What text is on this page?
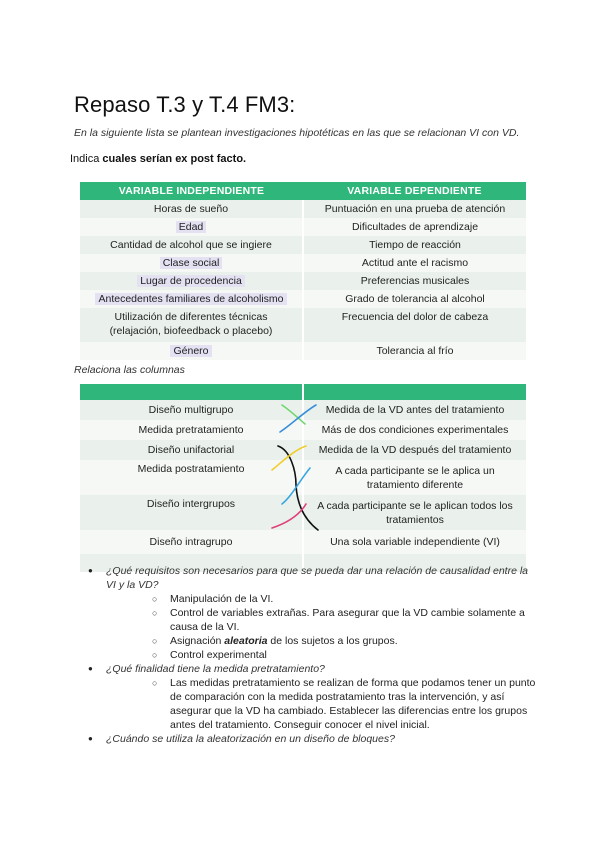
Repaso T.3 y T.4 FM3:
En la siguiente lista se plantean investigaciones hipotéticas en las que se relacionan VI con VD.
Indica cuales serían ex post facto.
VARIABLE INDEPENDIENTE	VARIABLE DEPENDIENTE
Horas de sueño	Puntuación en una prueba de atención
Edad	Dificultades de aprendizaje
Cantidad de alcohol que se ingiere	Tiempo de reacción
Clase social	Actitud ante el racismo
Lugar de procedencia	Preferencias musicales
Antecedentes familiares de alcoholismo	Grado de tolerancia al alcohol
Utilización de diferentes técnicas
(relajación, biofeedback o placebo)	Frecuencia del dolor de cabeza
Género	Tolerancia al frío
Relaciona las columnas

Diseño multigrupo	Medida de la VD antes del tratamiento
Medida pretratamiento	Más de dos condiciones experimentales
Diseño unifactorial	Medida de la VD después del tratamiento
Medida postratamiento	A cada participante se le aplica un
tratamiento diferente
Diseño intergrupos	A cada participante se le aplican todos los
tratamientos
Diseño intragrupo	Una sola variable independiente (VI)

● ¿Qué requisitos son necesarios para que se pueda dar una relación de causalidad entre la VI y la VD?
○ Manipulación de la VI.
○ Control de variables extrañas. Para asegurar que la VD cambie solamente a causa de la VI.
○ Asignación aleatoria de los sujetos a los grupos.
○ Control experimental
● ¿Qué finalidad tiene la medida pretratamiento?
○ Las medidas pretratamiento se realizan de forma que podamos tener un punto de comparación con la medida postratamiento tras la intervención, y así asegurar que la VD ha cambiado. Establecer las diferencias entre los grupos antes del tratamiento. Conseguir conocer el nivel inicial.
● ¿Cuándo se utiliza la aleatorización en un diseño de bloques?
